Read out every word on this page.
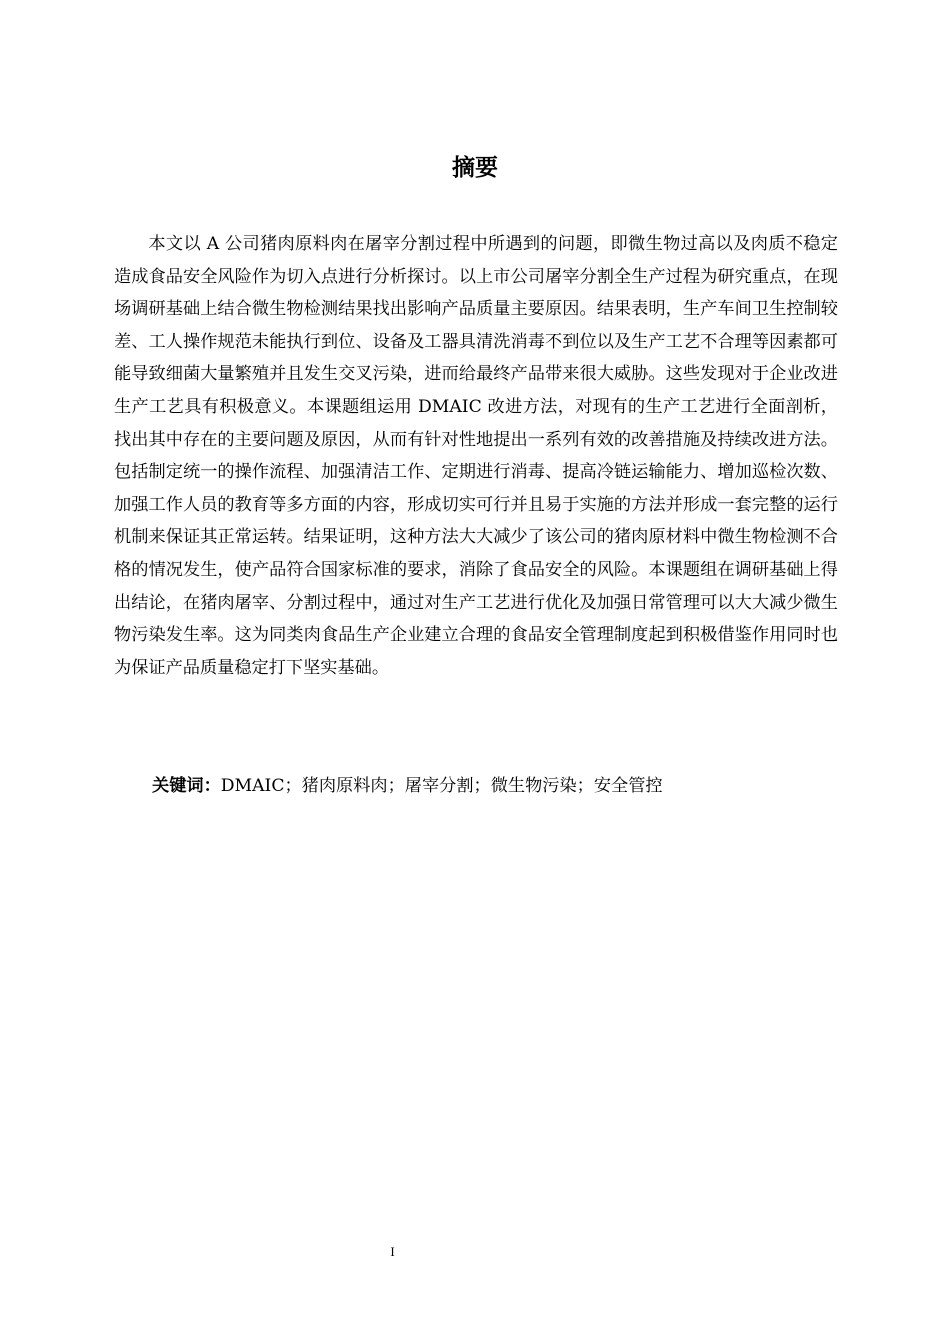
摘要

本文以 A 公司猪肉原料肉在屠宰分割过程中所遇到的问题，即微生物过高以及肉质不稳定造成食品安全风险作为切入点进行分析探讨。以上市公司屠宰分割全生产过程为研究重点，在现场调研基础上结合微生物检测结果找出影响产品质量主要原因。结果表明，生产车间卫生控制较差、工人操作规范未能执行到位、设备及工器具清洗消毒不到位以及生产工艺不合理等因素都可能导致细菌大量繁殖并且发生交叉污染，进而给最终产品带来很大威胁。这些发现对于企业改进生产工艺具有积极意义。本课题组运用 DMAIC 改进方法，对现有的生产工艺进行全面剖析，找出其中存在的主要问题及原因，从而有针对性地提出一系列有效的改善措施及持续改进方法。包括制定统一的操作流程、加强清洁工作、定期进行消毒、提高冷链运输能力、增加巡检次数、加强工作人员的教育等多方面的内容，形成切实可行并且易于实施的方法并形成一套完整的运行机制来保证其正常运转。结果证明，这种方法大大减少了该公司的猪肉原材料中微生物检测不合格的情况发生，使产品符合国家标准的要求，消除了食品安全的风险。本课题组在调研基础上得出结论，在猪肉屠宰、分割过程中，通过对生产工艺进行优化及加强日常管理可以大大减少微生物污染发生率。这为同类肉食品生产企业建立合理的食品安全管理制度起到积极借鉴作用同时也为保证产品质量稳定打下坚实基础。

关键词：DMAIC；猪肉原料肉；屠宰分割；微生物污染；安全管控

I
